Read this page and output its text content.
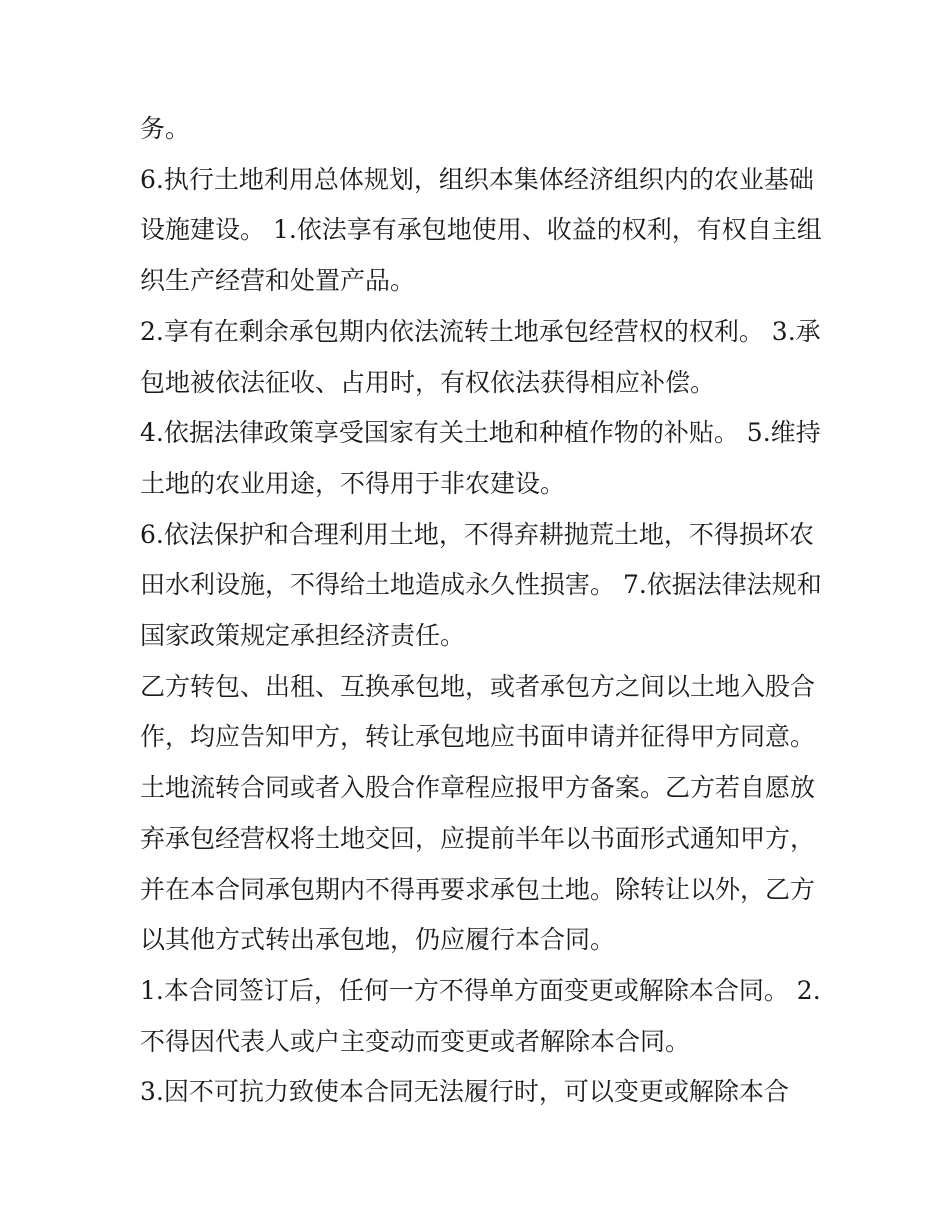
务。

6.执行土地利用总体规划，组织本集体经济组织内的农业基础

设施建设。 1.依法享有承包地使用、收益的权利，有权自主组

织生产经营和处置产品。

2.享有在剩余承包期内依法流转土地承包经营权的权利。 3.承

包地被依法征收、占用时，有权依法获得相应补偿。

4.依据法律政策享受国家有关土地和种植作物的补贴。 5.维持

土地的农业用途，不得用于非农建设。

6.依法保护和合理利用土地，不得弃耕抛荒土地，不得损坏农

田水利设施，不得给土地造成永久性损害。 7.依据法律法规和

国家政策规定承担经济责任。

乙方转包、出租、互换承包地，或者承包方之间以土地入股合

作，均应告知甲方，转让承包地应书面申请并征得甲方同意。

土地流转合同或者入股合作章程应报甲方备案。乙方若自愿放

弃承包经营权将土地交回，应提前半年以书面形式通知甲方，

并在本合同承包期内不得再要求承包土地。除转让以外，乙方

以其他方式转出承包地，仍应履行本合同。

1.本合同签订后，任何一方不得单方面变更或解除本合同。 2.

不得因代表人或户主变动而变更或者解除本合同。

3.因不可抗力致使本合同无法履行时，可以变更或解除本合
